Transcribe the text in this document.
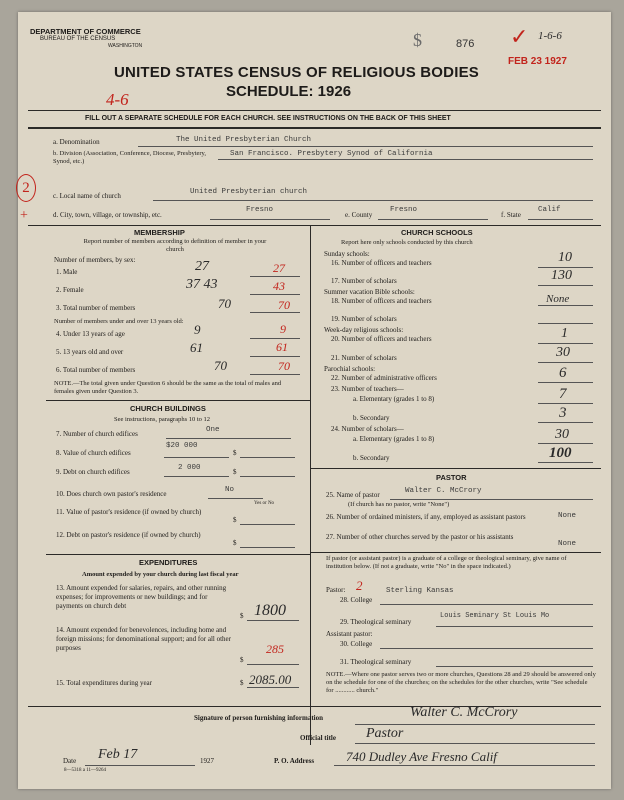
DEPARTMENT OF COMMERCE
BUREAU OF THE CENSUS
WASHINGTON	$	876 ✓ 1-6-6
FEB 23 1927
UNITED STATES CENSUS OF RELIGIOUS BODIES
SCHEDULE: 1926
4-6
FILL OUT A SEPARATE SCHEDULE FOR EACH CHURCH. SEE INSTRUCTIONS ON THE BACK OF THIS SHEET
2
+
a. Denomination	The United Presbyterian Church
b. Division (Association, Conference, Diocese, Presbytery, Synod, etc.)
San Francisco. Presbytery Synod of California
c. Local name of church	United Presbyterian church
d. City, town, village, or township, etc.
Fresno
e. County
Fresno
f. State
Calif
MEMBERSHIP
Report number of members according to definition of member in your church
Number of members, by sex:
1. Male	27	27
2. Female	37 43	43
3. Total number of members	70	70
Number of members under and over 13 years old:
4. Under 13 years of age	9	9
5. 13 years old and over	61	61
6. Total number of members	70	70
NOTE.—The total given under Question 6 should be the same as the total of males and females given under Question 3.
CHURCH BUILDINGS
See instructions, paragraphs 10 to 12
7. Number of church edifices	One
8. Value of church edifices
$20 000
$
9. Debt on church edifices	2 000	$
10. Does church own pastor's residence	No
Yes or No
11. Value of pastor's residence (if owned by church)
$
12. Debt on pastor's residence (if owned by church)
$
EXPENDITURES
Amount expended by your church during last fiscal year
13. Amount expended for salaries, repairs, and other running expenses; for improvements or new buildings; and for payments on church debt
$ 1800
14. Amount expended for benevolences, including home and foreign missions; for denominational support; and for all other purposes
$
285
15. Total expenditures during year	$ 2085.00
CHURCH SCHOOLS
Report here only schools conducted by this church
Sunday schools:
16. Number of officers and teachers	10
17. Number of scholars	130
Summer vacation Bible schools:
18. Number of officers and teachers	None
19. Number of scholars
Week-day religious schools:
20. Number of officers and teachers	1
21. Number of scholars	30
Parochial schools:
22. Number of administrative officers	6
23. Number of teachers—
a. Elementary (grades 1 to 8)	7
b. Secondary	3
24. Number of scholars—
a. Elementary (grades 1 to 8)	30
b. Secondary	100
PASTOR
25. Name of pastor	Walter C. McCrory
(If church has no pastor, write "None")
26. Number of ordained ministers, if any, employed as assistant pastors	None
27. Number of other churches served by the pastor or his assistants
None
If pastor (or assistant pastor) is a graduate of a college or theological seminary, give name of institution below. (If not a graduate, write "No" in the space indicated.)
Pastor: 2
28. College
Sterling Kansas
29. Theological seminary
Louis Seminary St Louis Mo
Assistant pastor:
30. College
31. Theological seminary
NOTE.—Where one pastor serves two or more churches, Questions 28 and 29 should be answered only on the schedule for one of the churches; on the schedules for the other churches, write "See schedule for ............ church."
Signature of person furnishing information	Walter C. McCrory
Official title Pastor
Date Feb 17	1927	P. O. Address 740 Dudley Ave Fresno Calif
8—5318 a 11—9264
